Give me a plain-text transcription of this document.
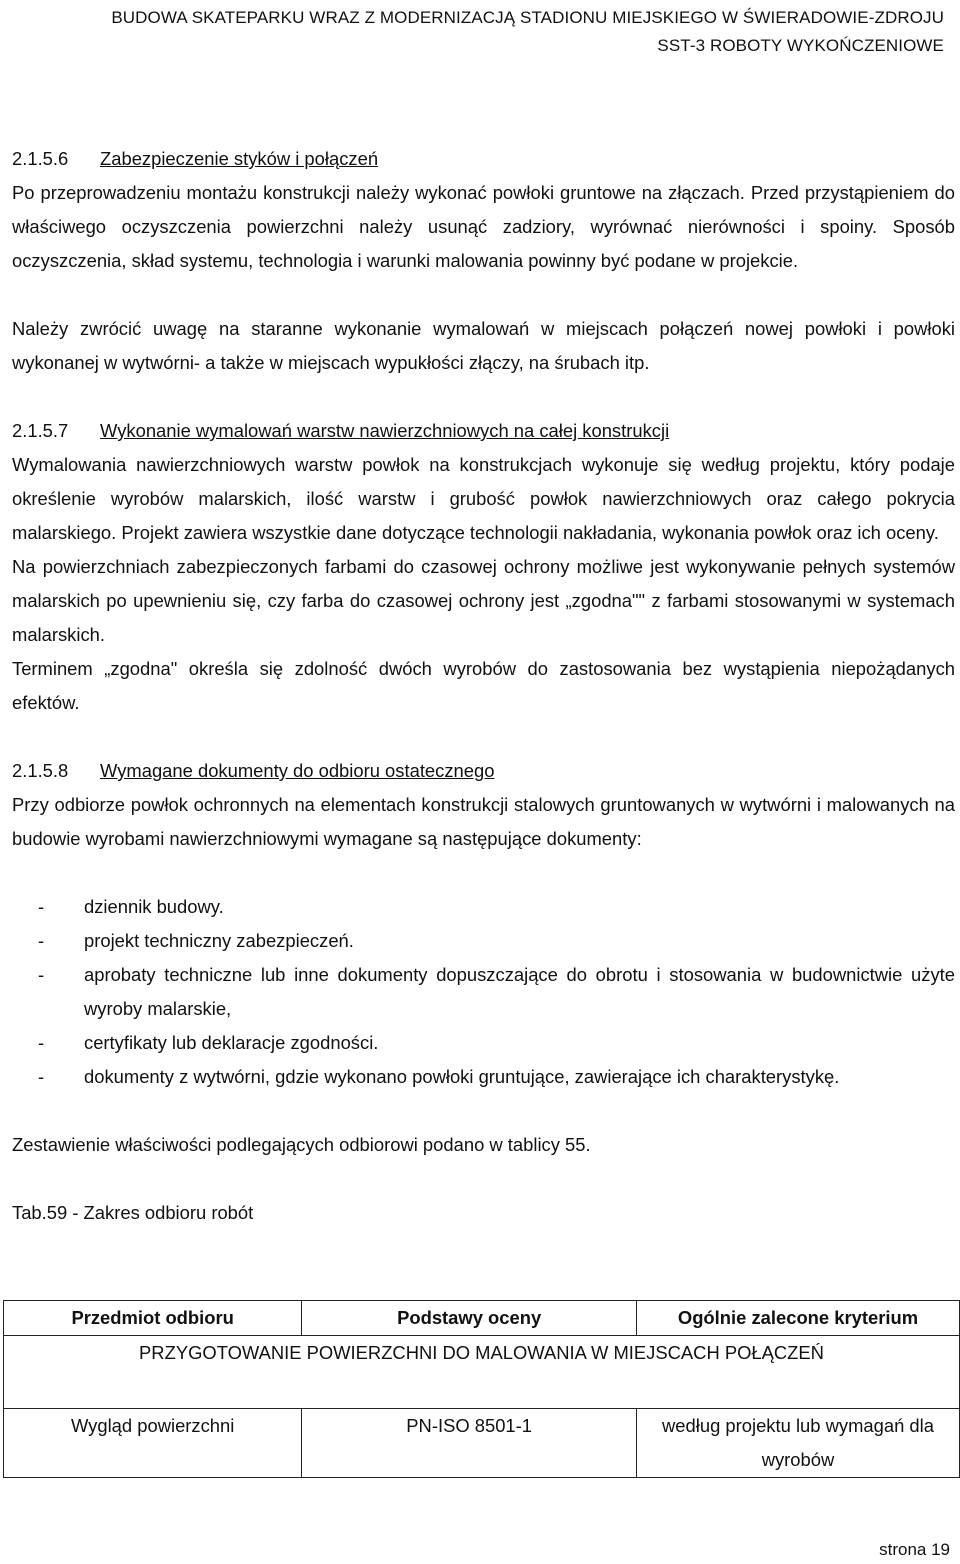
BUDOWA SKATEPARKU WRAZ Z MODERNIZACJĄ STADIONU MIEJSKIEGO W ŚWIERADOWIE-ZDROJU
SST-3 ROBOTY WYKOŃCZENIOWE
2.1.5.6	Zabezpieczenie styków i połączeń

Po przeprowadzeniu montażu konstrukcji należy wykonać powłoki gruntowe na złączach. Przed przystąpieniem do właściwego oczyszczenia powierzchni należy usunąć zadziory, wyrównać nierówności i spoiny. Sposób oczyszczenia, skład systemu, technologia i warunki malowania powinny być podane w projekcie.

Należy zwrócić uwagę na staranne wykonanie wymalowań w miejscach połączeń nowej powłoki i powłoki wykonanej w wytwórni- a także w miejscach wypukłości złączy, na śrubach itp.

2.1.5.7	Wykonanie wymalowań warstw nawierzchniowych na całej konstrukcji

Wymalowania nawierzchniowych warstw powłok na konstrukcjach wykonuje się według projektu, który podaje określenie wyrobów malarskich, ilość warstw i grubość powłok nawierzchniowych oraz całego pokrycia malarskiego. Projekt zawiera wszystkie dane dotyczące technologii nakładania, wykonania powłok oraz ich oceny.

Na powierzchniach zabezpieczonych farbami do czasowej ochrony możliwe jest wykonywanie pełnych systemów malarskich po upewnieniu się, czy farba do czasowej ochrony jest „zgodna"" z farbami stosowanymi w systemach malarskich.

Terminem „zgodna" określa się zdolność dwóch wyrobów do zastosowania bez wystąpienia niepożądanych efektów.

2.1.5.8	Wymagane dokumenty do odbioru ostatecznego

Przy odbiorze powłok ochronnych na elementach konstrukcji stalowych gruntowanych w wytwórni i malowanych na budowie wyrobami nawierzchniowymi wymagane są następujące dokumenty:

-	dziennik budowy.
-	projekt techniczny zabezpieczeń.
-	aprobaty techniczne lub inne dokumenty dopuszczające do obrotu i stosowania w budownictwie użyte wyroby malarskie,
-	certyfikaty lub deklaracje zgodności.
-	dokumenty z wytwórni, gdzie wykonano powłoki gruntujące, zawierające ich charakterystykę.

Zestawienie właściwości podlegających odbiorowi podano w tablicy 55.

Tab.59 - Zakres odbioru robót

Przedmiot odbioru	Podstawy oceny	Ogólnie zalecone kryterium
PRZYGOTOWANIE POWIERZCHNI DO MALOWANIA W MIEJSCACH POŁĄCZEŃ		
Wygląd powierzchni	PN-ISO 8501-1	według projektu lub wymagań dla wyrobów
strona 19
